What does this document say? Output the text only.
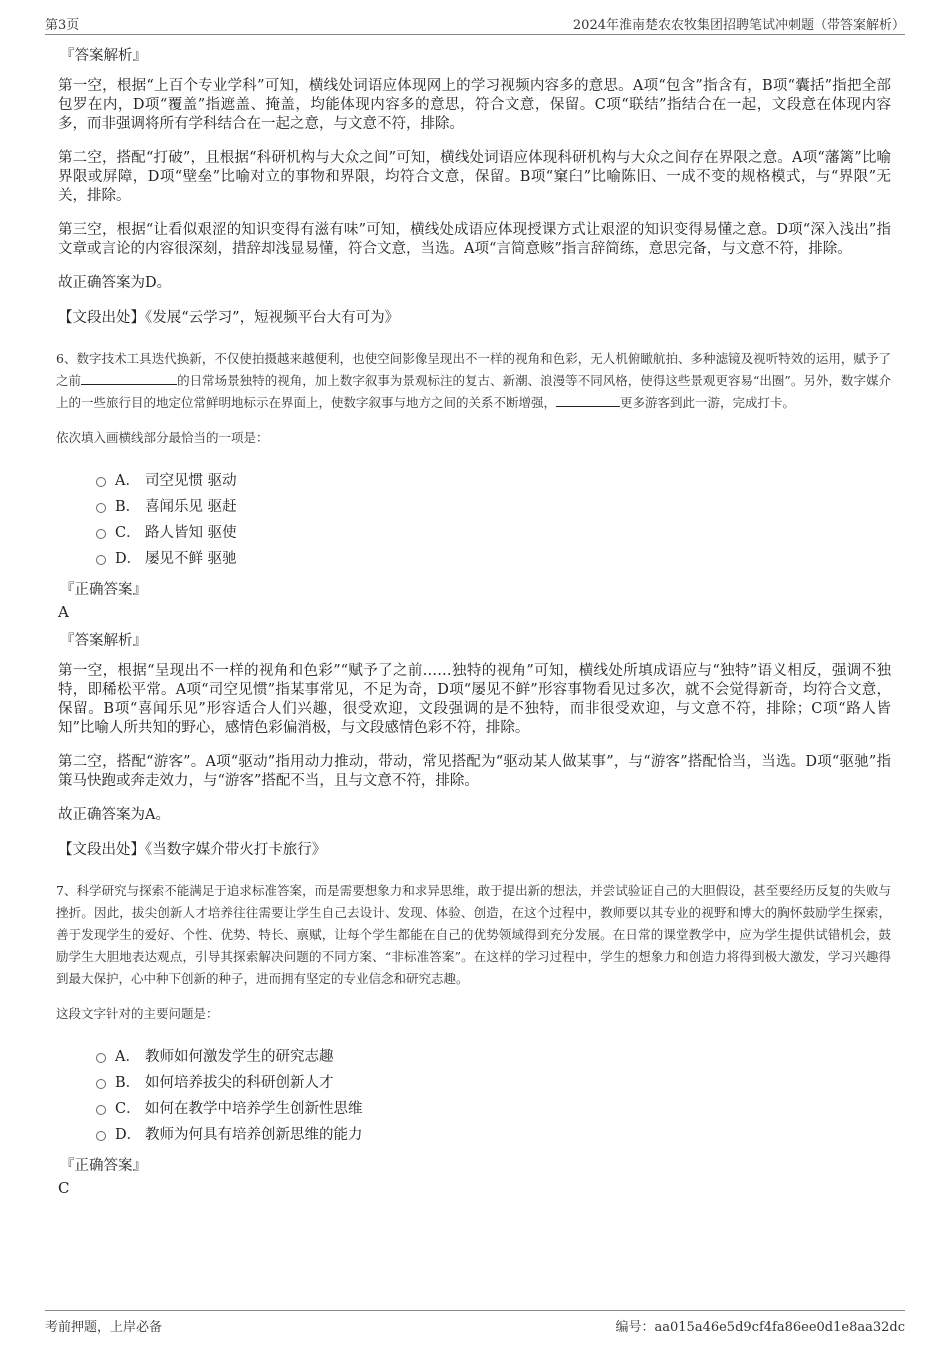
第3页	2024年淮南楚农农牧集团招聘笔试冲刺题（带答案解析）
『答案解析』

第一空，根据“上百个专业学科”可知，横线处词语应体现网上的学习视频内容多的意思。A项“包含”指含有，B项“囊括”指把全部包罗在内，D项“覆盖”指遮盖、掩盖，均能体现内容多的意思，符合文意，保留。C项“联结”指结合在一起，文段意在体现内容多，而非强调将所有学科结合在一起之意，与文意不符，排除。

第二空，搭配“打破”，且根据“科研机构与大众之间”可知，横线处词语应体现科研机构与大众之间存在界限之意。A项“藩篱”比喻界限或屏障，D项“壁垒”比喻对立的事物和界限，均符合文意，保留。B项“窠臼”比喻陈旧、一成不变的规格模式，与“界限”无关，排除。

第三空，根据“让看似艰涩的知识变得有滋有味”可知，横线处成语应体现授课方式让艰涩的知识变得易懂之意。D项“深入浅出”指文章或言论的内容很深刻，措辞却浅显易懂，符合文意，当选。A项“言简意赅”指言辞简练，意思完备，与文意不符，排除。

故正确答案为D。

【文段出处】《发展“云学习”，短视频平台大有可为》

6、数字技术工具迭代换新，不仅使拍摄越来越便利，也使空间影像呈现出不一样的视角和色彩，无人机俯瞰航拍、多种滤镜及视听特效的运用，赋予了之前	的日常场景独特的视角，加上数字叙事为景观标注的复古、新潮、浪漫等不同风格，使得这些景观更容易“出圈”。另外，数字媒介上的一些旅行目的地定位常鲜明地标示在界面上，使数字叙事与地方之间的关系不断增强，	更多游客到此一游，完成打卡。

依次填入画横线部分最恰当的一项是：

A． 司空见惯 驱动
B． 喜闻乐见 驱赶
C． 路人皆知 驱使
D． 屡见不鲜 驱驰
『正确答案』
A
『答案解析』

第一空，根据“呈现出不一样的视角和色彩”“赋予了之前……独特的视角”可知，横线处所填成语应与“独特”语义相反，强调不独特，即稀松平常。A项“司空见惯”指某事常见，不足为奇，D项“屡见不鲜”形容事物看见过多次，就不会觉得新奇，均符合文意，保留。B项“喜闻乐见”形容适合人们兴趣，很受欢迎，文段强调的是不独特，而非很受欢迎，与文意不符，排除；C项“路人皆知”比喻人所共知的野心，感情色彩偏消极，与文段感情色彩不符，排除。

第二空，搭配“游客”。A项“驱动”指用动力推动，带动，常见搭配为“驱动某人做某事”，与“游客”搭配恰当，当选。D项“驱驰”指策马快跑或奔走效力，与“游客”搭配不当，且与文意不符，排除。

故正确答案为A。

【文段出处】《当数字媒介带火打卡旅行》

7、科学研究与探索不能满足于追求标准答案，而是需要想象力和求异思维，敢于提出新的想法，并尝试验证自己的大胆假设，甚至要经历反复的失败与挫折。因此，拔尖创新人才培养往往需要让学生自己去设计、发现、体验、创造，在这个过程中，教师要以其专业的视野和博大的胸怀鼓励学生探索，善于发现学生的爱好、个性、优势、特长、禀赋，让每个学生都能在自己的优势领域得到充分发展。在日常的课堂教学中，应为学生提供试错机会，鼓励学生大胆地表达观点，引导其探索解决问题的不同方案、“非标准答案”。在这样的学习过程中，学生的想象力和创造力将得到极大激发，学习兴趣得到最大保护，心中种下创新的种子，进而拥有坚定的专业信念和研究志趣。

这段文字针对的主要问题是：

A． 教师如何激发学生的研究志趣
B． 如何培养拔尖的科研创新人才
C． 如何在教学中培养学生创新性思维
D． 教师为何具有培养创新思维的能力
『正确答案』
C
考前押题，上岸必备	编号：aa015a46e5d9cf4fa86ee0d1e8aa32dc
